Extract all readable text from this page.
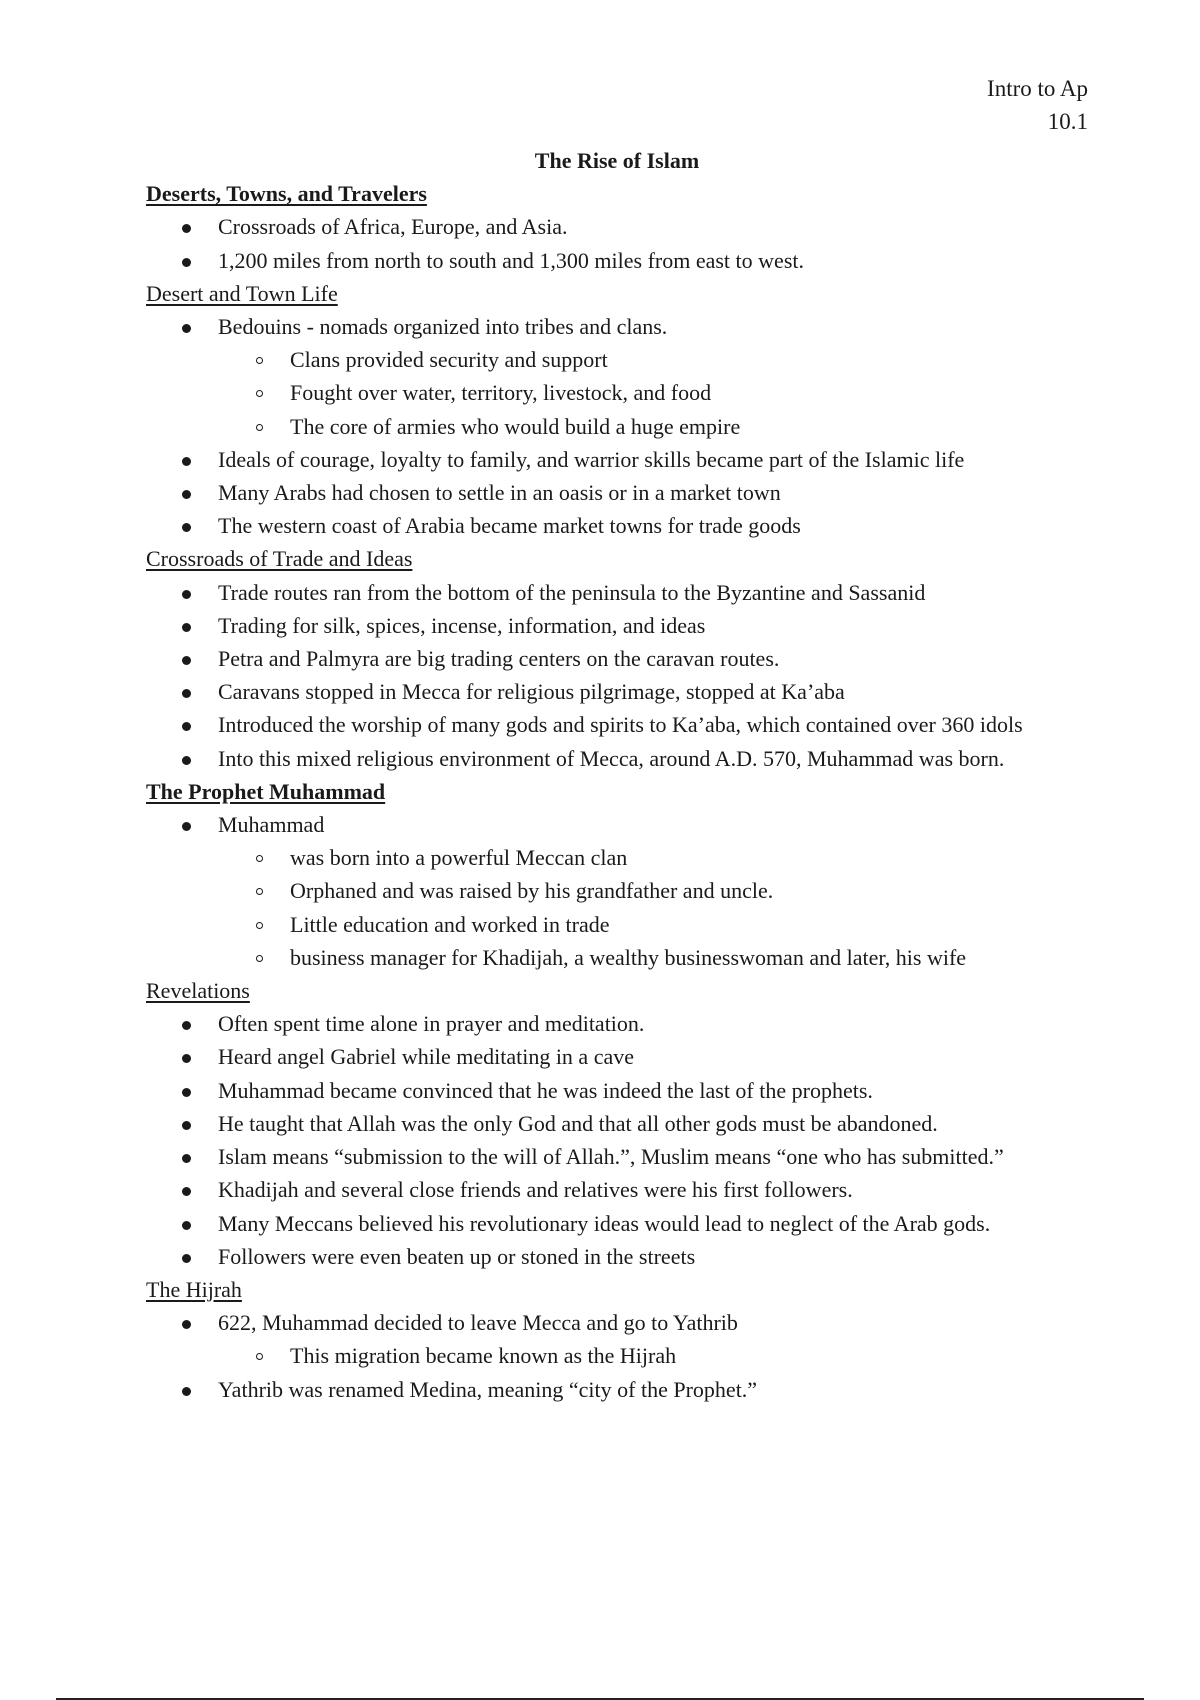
Intro to Ap
10.1
The Rise of Islam
Deserts, Towns, and Travelers
Crossroads of Africa, Europe, and Asia.
1,200 miles from north to south and 1,300 miles from east to west.
Desert and Town Life
Bedouins - nomads organized into tribes and clans.
Clans provided security and support
Fought over water, territory, livestock, and food
The core of armies who would build a huge empire
Ideals of courage, loyalty to family, and warrior skills became part of the Islamic life
Many Arabs had chosen to settle in an oasis or in a market town
The western coast of Arabia became market towns for trade goods
Crossroads of Trade and Ideas
Trade routes ran from the bottom of the peninsula to the Byzantine and Sassanid
Trading for silk, spices, incense, information, and ideas
Petra and Palmyra are big trading centers on the caravan routes.
Caravans stopped in Mecca for religious pilgrimage, stopped at Ka’aba
Introduced the worship of many gods and spirits to Ka’aba, which contained over 360 idols
Into this mixed religious environment of Mecca, around A.D. 570, Muhammad was born.
The Prophet Muhammad
Muhammad
was born into a powerful Meccan clan
Orphaned and was raised by his grandfather and uncle.
Little education and worked in trade
business manager for Khadijah, a wealthy businesswoman and later, his wife
Revelations
Often spent time alone in prayer and meditation.
Heard angel Gabriel while meditating in a cave
Muhammad became convinced that he was indeed the last of the prophets.
He taught that Allah was the only God and that all other gods must be abandoned.
Islam means “submission to the will of Allah.”, Muslim means “one who has submitted.”
Khadijah and several close friends and relatives were his first followers.
Many Meccans believed his revolutionary ideas would lead to neglect of the Arab gods.
Followers were even beaten up or stoned in the streets
The Hijrah
622, Muhammad decided to leave Mecca and go to Yathrib
This migration became known as the Hijrah
Yathrib was renamed Medina, meaning “city of the Prophet.”
